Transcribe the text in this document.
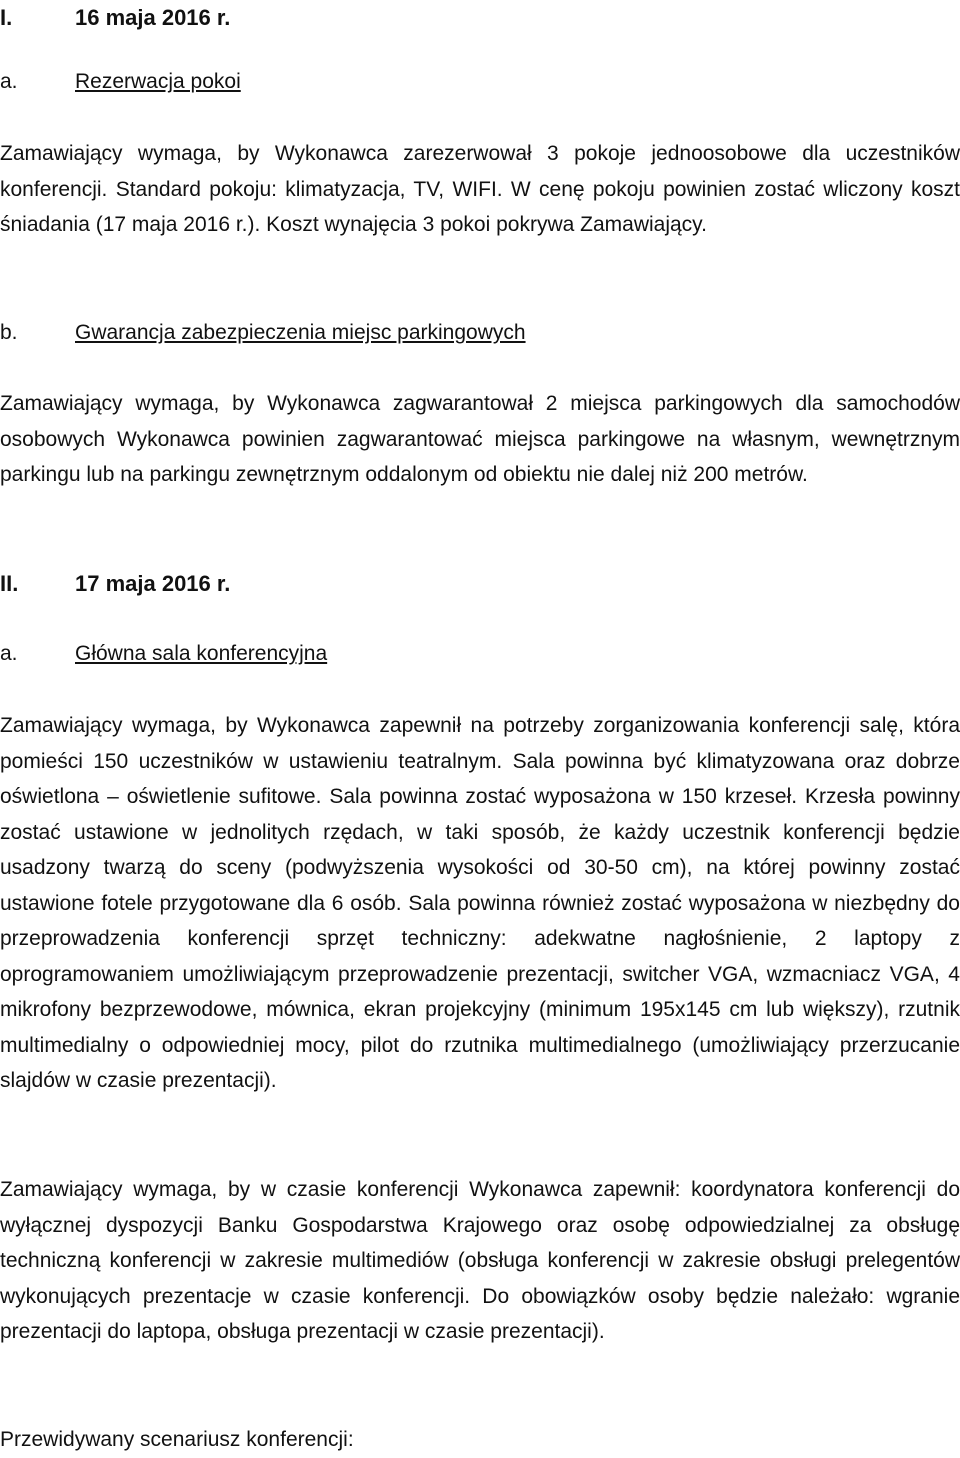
I.	16 maja 2016 r.
a.	Rezerwacja pokoi

Zamawiający wymaga, by Wykonawca zarezerwował 3 pokoje jednoosobowe dla uczestników konferencji. Standard pokoju: klimatyzacja, TV, WIFI. W cenę pokoju powinien zostać wliczony koszt śniadania (17 maja 2016 r.). Koszt wynajęcia 3 pokoi pokrywa Zamawiający.

b.	Gwarancja zabezpieczenia miejsc parkingowych

Zamawiający wymaga, by Wykonawca zagwarantował 2 miejsca parkingowych dla samochodów osobowych Wykonawca powinien zagwarantować miejsca parkingowe na własnym, wewnętrznym parkingu lub na parkingu zewnętrznym oddalonym od obiektu nie dalej niż 200 metrów.

II.	17 maja 2016 r.
a.	Główna sala konferencyjna

Zamawiający wymaga, by Wykonawca zapewnił na potrzeby zorganizowania konferencji salę, która pomieści 150 uczestników w ustawieniu teatralnym. Sala powinna być klimatyzowana oraz dobrze oświetlona – oświetlenie sufitowe. Sala powinna zostać wyposażona w 150 krzeseł. Krzesła powinny zostać ustawione w jednolitych rzędach, w taki sposób, że każdy uczestnik konferencji będzie usadzony twarzą do sceny (podwyższenia wysokości od 30-50 cm), na której powinny zostać ustawione fotele przygotowane dla 6 osób. Sala powinna również zostać wyposażona w niezbędny do przeprowadzenia konferencji sprzęt techniczny: adekwatne nagłośnienie, 2 laptopy z oprogramowaniem umożliwiającym przeprowadzenie prezentacji, switcher VGA, wzmacniacz VGA, 4 mikrofony bezprzewodowe, mównica, ekran projekcyjny (minimum 195x145 cm lub większy), rzutnik multimedialny o odpowiedniej mocy, pilot do rzutnika multimedialnego (umożliwiający przerzucanie slajdów w czasie prezentacji).

Zamawiający wymaga, by w czasie konferencji Wykonawca zapewnił: koordynatora konferencji do wyłącznej dyspozycji Banku Gospodarstwa Krajowego oraz osobę odpowiedzialnej za obsługę techniczną konferencji w zakresie multimediów (obsługa konferencji w zakresie obsługi prelegentów wykonujących prezentacje w czasie konferencji. Do obowiązków osoby będzie należało: wgranie prezentacji do laptopa, obsługa prezentacji w czasie prezentacji).

Przewidywany scenariusz konferencji:
